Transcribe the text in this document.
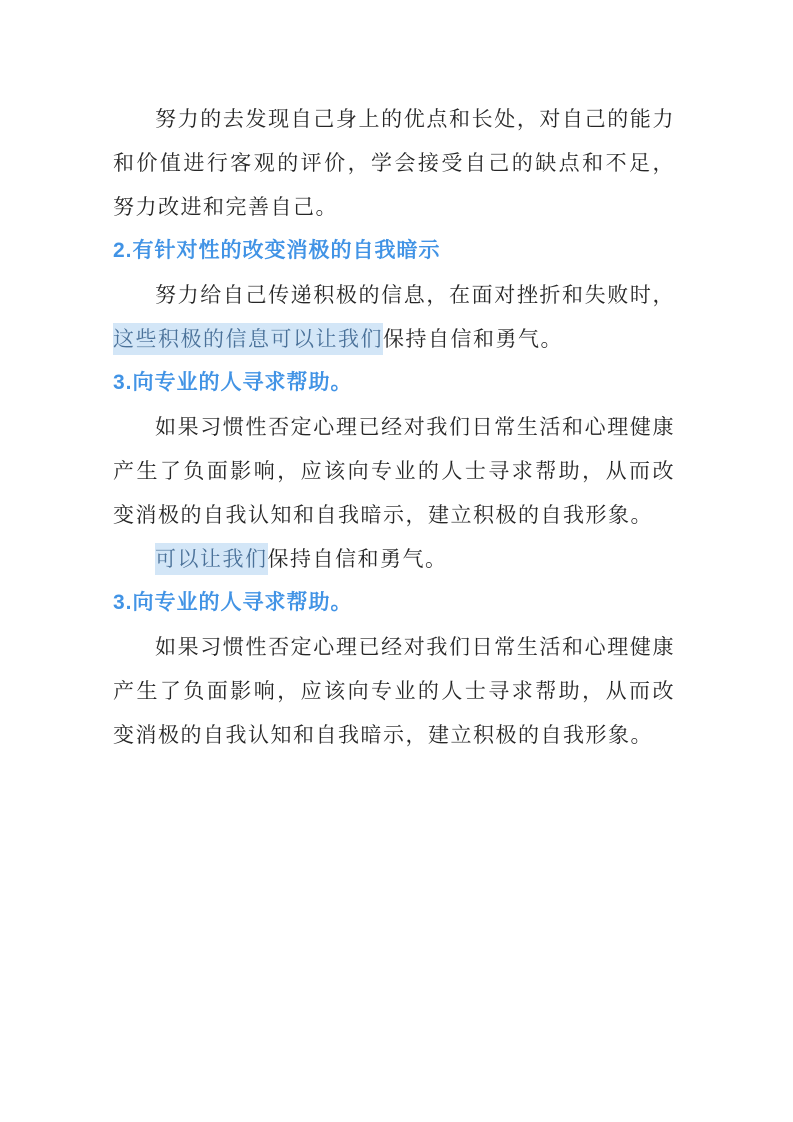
努力的去发现自己身上的优点和长处，对自己的能力和价值进行客观的评价，学会接受自己的缺点和不足，努力改进和完善自己。

2.有针对性的改变消极的自我暗示

努力给自己传递积极的信息，在面对挫折和失败时，这些积极的信息可以让我们保持自信和勇气。

3.向专业的人寻求帮助。

如果习惯性否定心理已经对我们日常生活和心理健康产生了负面影响，应该向专业的人士寻求帮助，从而改变消极的自我认知和自我暗示，建立积极的自我形象。

可以让我们保持自信和勇气。

3.向专业的人寻求帮助。

如果习惯性否定心理已经对我们日常生活和心理健康产生了负面影响，应该向专业的人士寻求帮助，从而改变消极的自我认知和自我暗示，建立积极的自我形象。
